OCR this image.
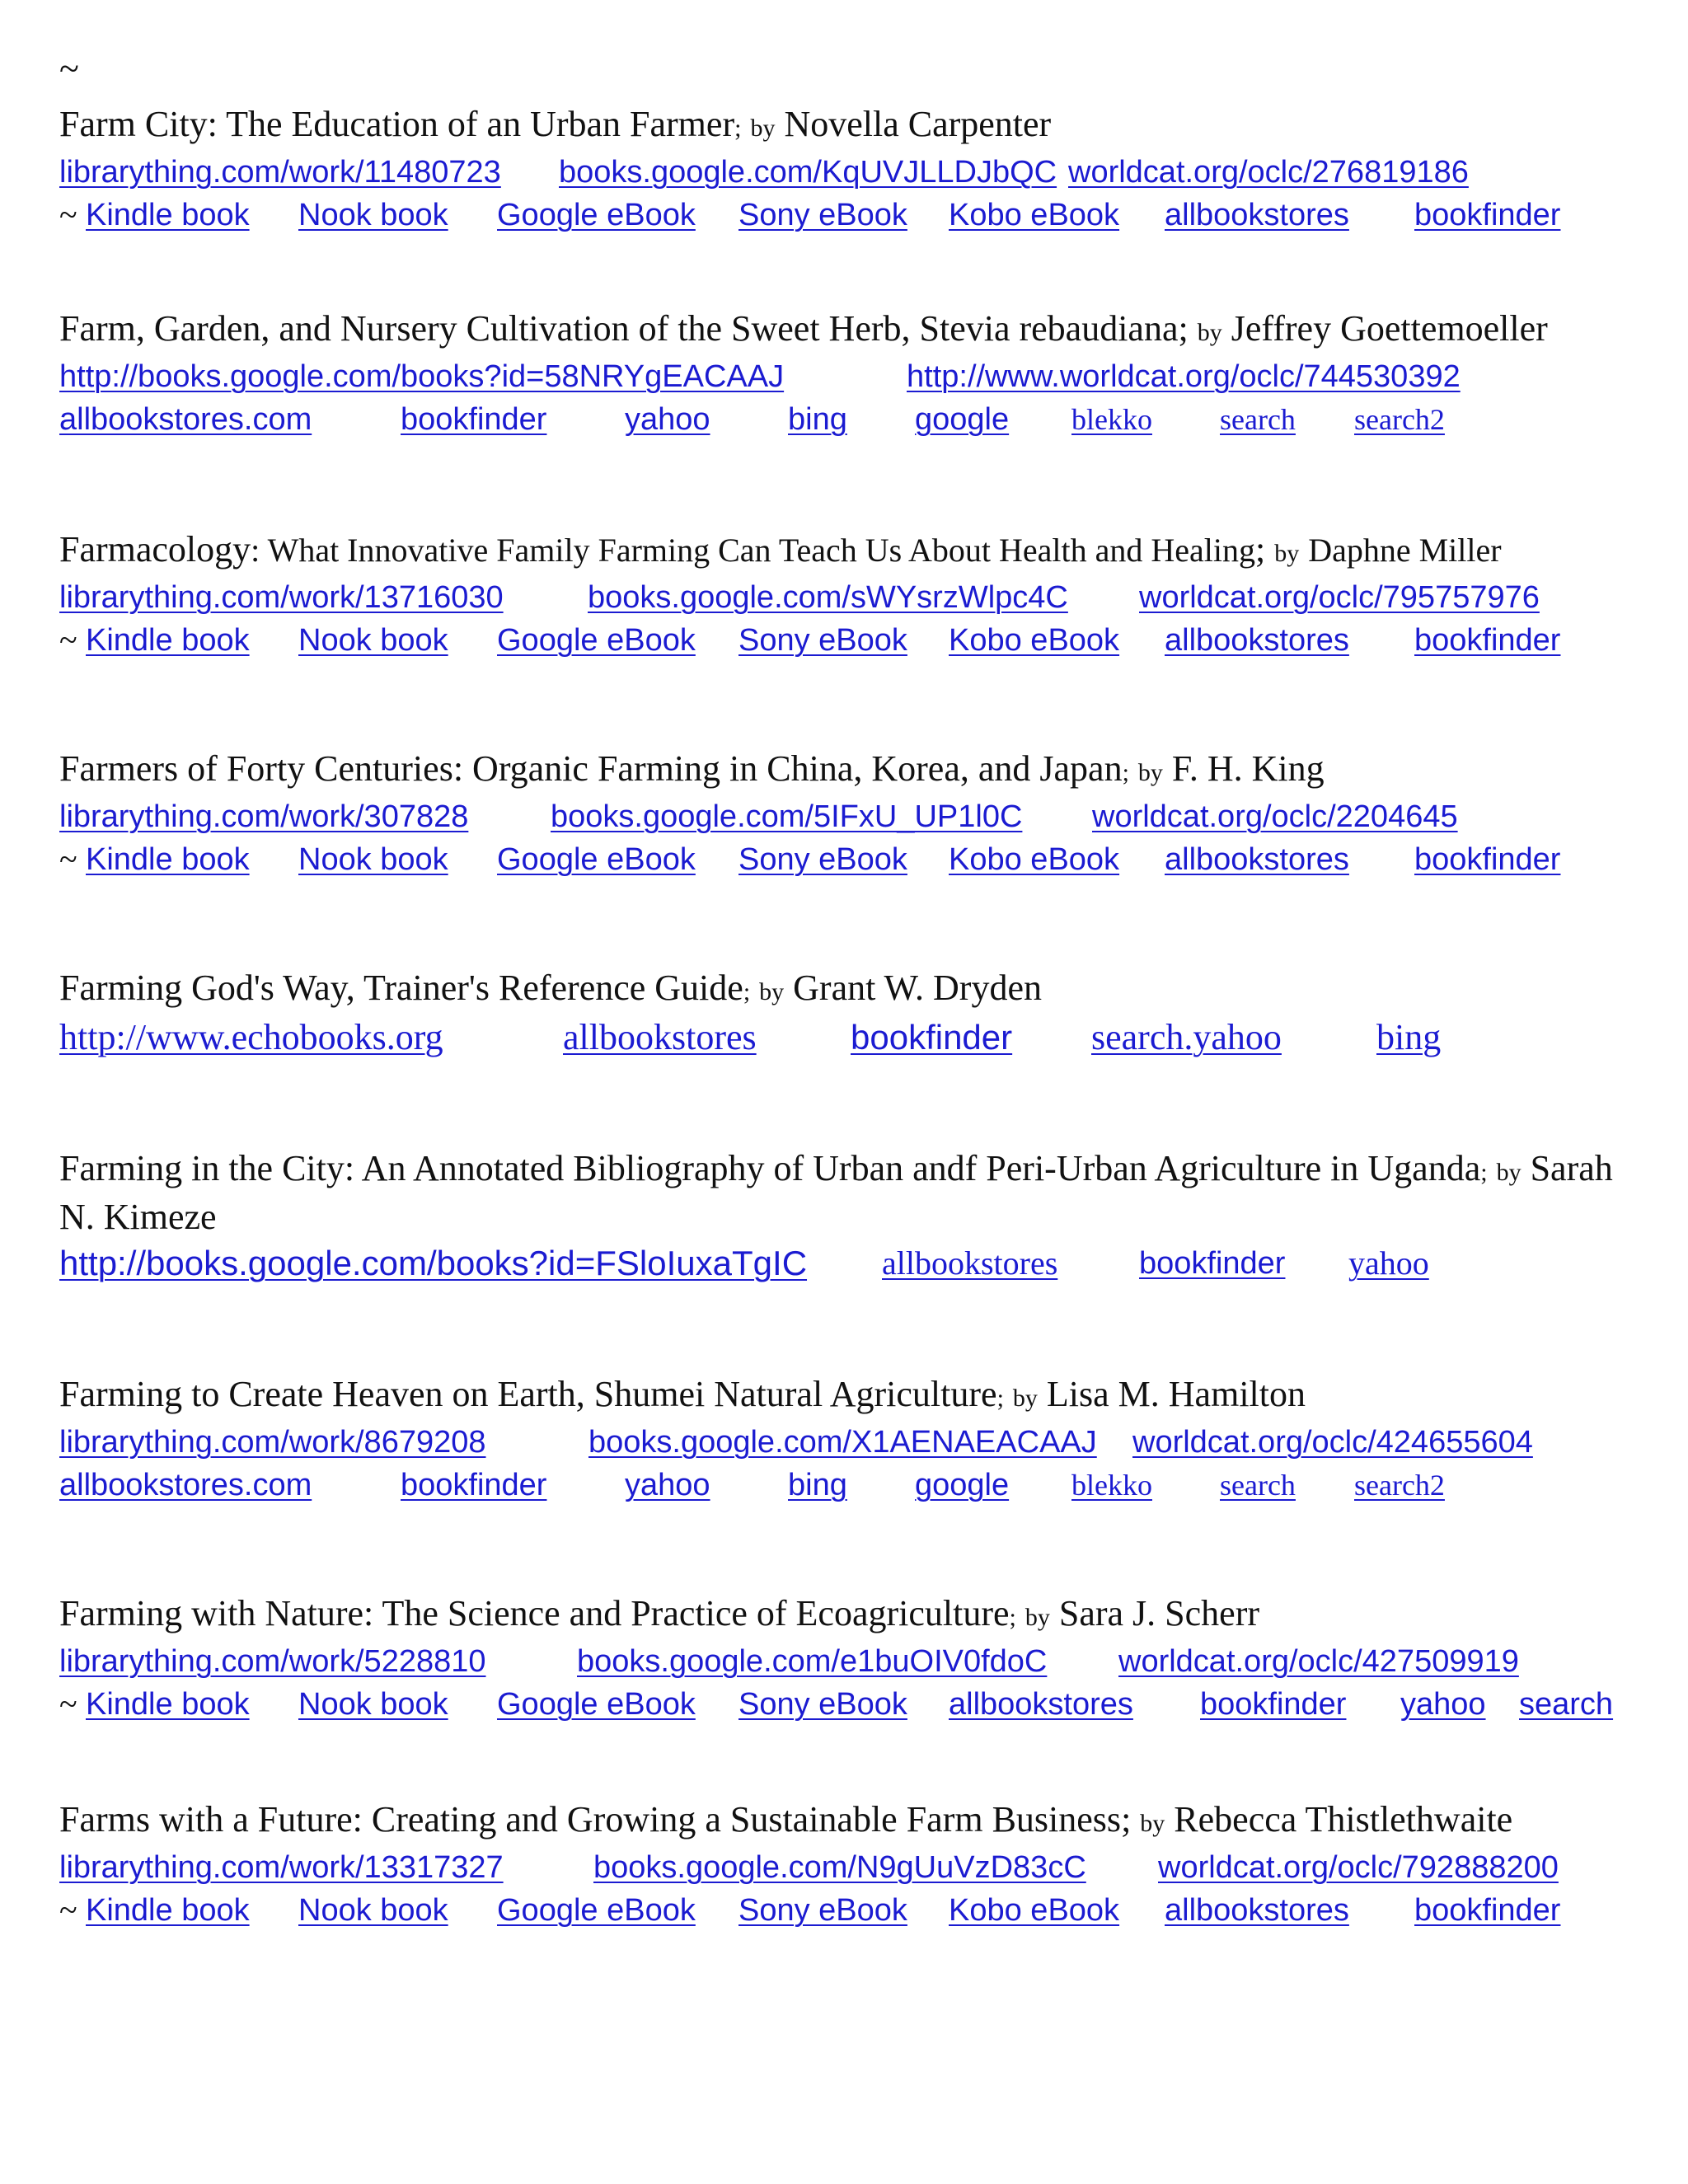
~
Farm City: The Education of an Urban Farmer; by Novella Carpenter
librarything.com/work/11480723 books.google.com/KqUVJLLDJbQC worldcat.org/oclc/276819186
~ Kindle book Nook book Google eBook Sony eBook Kobo eBook allbookstores bookfinder
Farm, Garden, and Nursery Cultivation of the Sweet Herb, Stevia rebaudiana; by Jeffrey Goettemoeller
http://books.google.com/books?id=58NRYgEACAAJ	http://www.worldcat.org/oclc/744530392
allbookstores.com	bookfinder yahoo bing google blekko search search2
Farmacology: What Innovative Family Farming Can Teach Us About Health and Healing; by Daphne Miller
librarything.com/work/13716030	books.google.com/sWYsrzWlpc4C worldcat.org/oclc/795757976
~ Kindle book Nook book Google eBook Sony eBook Kobo eBook allbookstores bookfinder
Farmers of Forty Centuries: Organic Farming in China, Korea, and Japan; by F. H. King
librarything.com/work/307828	books.google.com/5IFxU_UP1l0C worldcat.org/oclc/2204645
~ Kindle book Nook book Google eBook Sony eBook Kobo eBook allbookstores bookfinder
Farming God's Way, Trainer's Reference Guide; by Grant W. Dryden
http://www.echobooks.org	allbookstores	bookfinder search.yahoo	bing
Farming in the City: An Annotated Bibliography of Urban andf Peri-Urban Agriculture in Uganda; by Sarah N. Kimeze
http://books.google.com/books?id=FSloIuxaTgIC allbookstores	bookfinder yahoo
Farming to Create Heaven on Earth, Shumei Natural Agriculture; by Lisa M. Hamilton
librarything.com/work/8679208	books.google.com/X1AENAEACAAJ worldcat.org/oclc/424655604
allbookstores.com	bookfinder yahoo bing google blekko search search2
Farming with Nature: The Science and Practice of Ecoagriculture; by Sara J. Scherr
librarything.com/work/5228810	books.google.com/e1buOIV0fdoC worldcat.org/oclc/427509919
~ Kindle book Nook book Google eBook Sony eBook allbookstores bookfinder yahoo search
Farms with a Future: Creating and Growing a Sustainable Farm Business; by Rebecca Thistlethwaite
librarything.com/work/13317327	books.google.com/N9gUuVzD83cC worldcat.org/oclc/792888200
~ Kindle book Nook book Google eBook Sony eBook Kobo eBook allbookstores bookfinder
